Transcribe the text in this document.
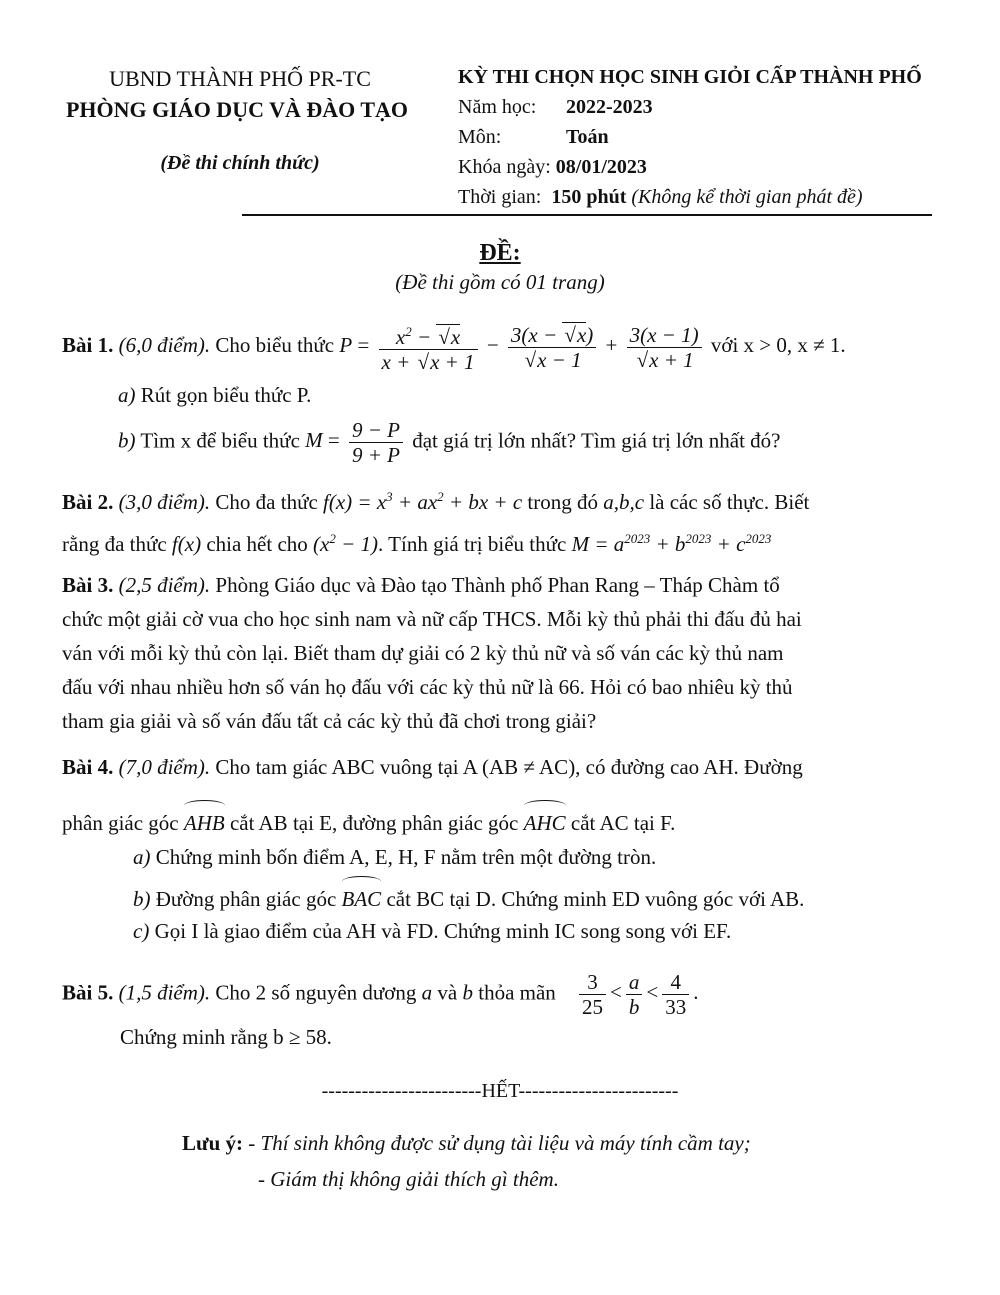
UBND THÀNH PHỐ PR-TC
PHÒNG GIÁO DỤC VÀ ĐÀO TẠO
(Đề thi chính thức)
KỲ THI CHỌN HỌC SINH GIỎI CẤP THÀNH PHỐ
Năm học: 2022-2023
Môn:	Toán
Khóa ngày: 08/01/2023
Thời gian: 150 phút (Không kể thời gian phát đề)
ĐỀ:
(Đề thi gồm có 01 trang)
Bài 1. (6,0 điểm). Cho biểu thức $P = \frac{x^2 - √ x}{x + √ x + 1} - 3(x$ − √ x)
√ x − 1 + 3(x − 1)
√ x + 1 với x > 0, x ≠ 1.
a) Rút gọn biểu thức P.
b) Tìm x để biểu thức $M = \frac{9 - P}{9 + P}$ đạt giá trị lớn nhất? Tìm giá trị lớn nhất đó?
Bài 2. (3,0 điểm). Cho đa thức $f(x) = x^3 + ax^2$ + bx + c trong đó a,b,c là các số thực. Biết
rằng đa thức f(x) chia hết cho $(x^2 - 1)$. Tính giá trị biểu thức $M = a^{2023} + b^{2023} + c^{2023}$
Bài 3. (2,5 điểm). Phòng Giáo dục và Đào tạo Thành phố Phan Rang – Tháp Chàm tổ
chức một giải cờ vua cho học sinh nam và nữ cấp THCS. Mỗi kỳ thủ phải thi đấu đủ hai
ván với mỗi kỳ thủ còn lại. Biết tham dự giải có 2 kỳ thủ nữ và số ván các kỳ thủ nam
đấu với nhau nhiều hơn số ván họ đấu với các kỳ thủ nữ là 66. Hỏi có bao nhiêu kỳ thủ
tham gia giải và số ván đấu tất cả các kỳ thủ đã chơi trong giải?
Bài 4. (7,0 điểm). Cho tam giác ABC vuông tại A (AB ≠ AC), có đường cao AH. Đường
phân giác góc AHB cắt AB tại E, đường phân giác góc AHC cắt AC tại F.
a) Chứng minh bốn điểm A, E, H, F nằm trên một đường tròn.
b) Đường phân giác góc BAC cắt BC tại D. Chứng minh ED vuông góc với AB.
c) Gọi I là giao điểm của AH và FD. Chứng minh IC song song với EF.
Bài 5. (1,5 điểm). Cho 2 số nguyên dương a và b thỏa mãn $\frac{3}{25} < \frac{a}{b} < \frac{4}{33}$ .
Chứng minh rằng b ≥ 58.
------------------------HẾT------------------------
Lưu ý: - Thí sinh không được sử dụng tài liệu và máy tính cầm tay;
- Giám thị không giải thích gì thêm.
